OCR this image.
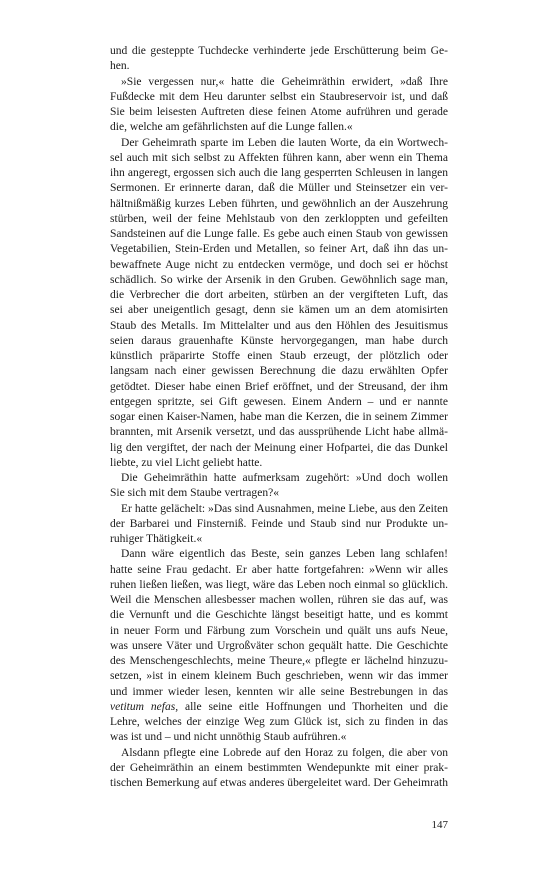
und die gesteppte Tuchdecke verhinderte jede Erschütterung beim Ge-
hen.
»Sie vergessen nur,« hatte die Geheimräthin erwidert, »daß Ihre
Fußdecke mit dem Heu darunter selbst ein Staubreservoir ist, und daß
Sie beim leisesten Auftreten diese feinen Atome aufrühren und gerade
die, welche am gefährlichsten auf die Lunge fallen.«
Der Geheimrath sparte im Leben die lauten Worte, da ein Wortwech-
sel auch mit sich selbst zu Affekten führen kann, aber wenn ein Thema
ihn angeregt, ergossen sich auch die lang gesperrten Schleusen in langen
Sermonen. Er erinnerte daran, daß die Müller und Steinsetzer ein ver-
hältnißmäßig kurzes Leben führten, und gewöhnlich an der Auszehrung
stürben, weil der feine Mehlstaub von den zerkloppten und gefeilten
Sandsteinen auf die Lunge falle. Es gebe auch einen Staub von gewissen
Vegetabilien, Stein-Erden und Metallen, so feiner Art, daß ihn das un-
bewaffnete Auge nicht zu entdecken vermöge, und doch sei er höchst
schädlich. So wirke der Arsenik in den Gruben. Gewöhnlich sage man,
die Verbrecher die dort arbeiten, stürben an der vergifteten Luft, das
sei aber uneigentlich gesagt, denn sie kämen um an dem atomisirten
Staub des Metalls. Im Mittelalter und aus den Höhlen des Jesuitismus
seien daraus grauenhafte Künste hervorgegangen, man habe durch
künstlich präparirte Stoffe einen Staub erzeugt, der plötzlich oder
langsam nach einer gewissen Berechnung die dazu erwählten Opfer
getödtet. Dieser habe einen Brief eröffnet, und der Streusand, der ihm
entgegen spritzte, sei Gift gewesen. Einem Andern – und er nannte
sogar einen Kaiser-Namen, habe man die Kerzen, die in seinem Zimmer
brannten, mit Arsenik versetzt, und das aussprühende Licht habe allmä-
lig den vergiftet, der nach der Meinung einer Hofpartei, die das Dunkel
liebte, zu viel Licht geliebt hatte.
Die Geheimräthin hatte aufmerksam zugehört: »Und doch wollen
Sie sich mit dem Staube vertragen?«
Er hatte gelächelt: »Das sind Ausnahmen, meine Liebe, aus den Zeiten
der Barbarei und Finsterniß. Feinde und Staub sind nur Produkte un-
ruhiger Thätigkeit.«
Dann wäre eigentlich das Beste, sein ganzes Leben lang schlafen!
hatte seine Frau gedacht. Er aber hatte fortgefahren: »Wenn wir alles
ruhen ließen ließen, was liegt, wäre das Leben noch einmal so glücklich.
Weil die Menschen allesbesser machen wollen, rühren sie das auf, was
die Vernunft und die Geschichte längst beseitigt hatte, und es kommt
in neuer Form und Färbung zum Vorschein und quält uns aufs Neue,
was unsere Väter und Urgroßväter schon gequält hatte. Die Geschichte
des Menschengeschlechts, meine Theure,« pflegte er lächelnd hinzuzu-
setzen, »ist in einem kleinem Buch geschrieben, wenn wir das immer
und immer wieder lesen, kennten wir alle seine Bestrebungen in das
vetitum nefas, alle seine eitle Hoffnungen und Thorheiten und die
Lehre, welches der einzige Weg zum Glück ist, sich zu finden in das
was ist und – und nicht unnöthig Staub aufrühren.«
Alsdann pflegte eine Lobrede auf den Horaz zu folgen, die aber von
der Geheimräthin an einem bestimmten Wendepunkte mit einer prak-
tischen Bemerkung auf etwas anderes übergeleitet ward. Der Geheimrath
147
